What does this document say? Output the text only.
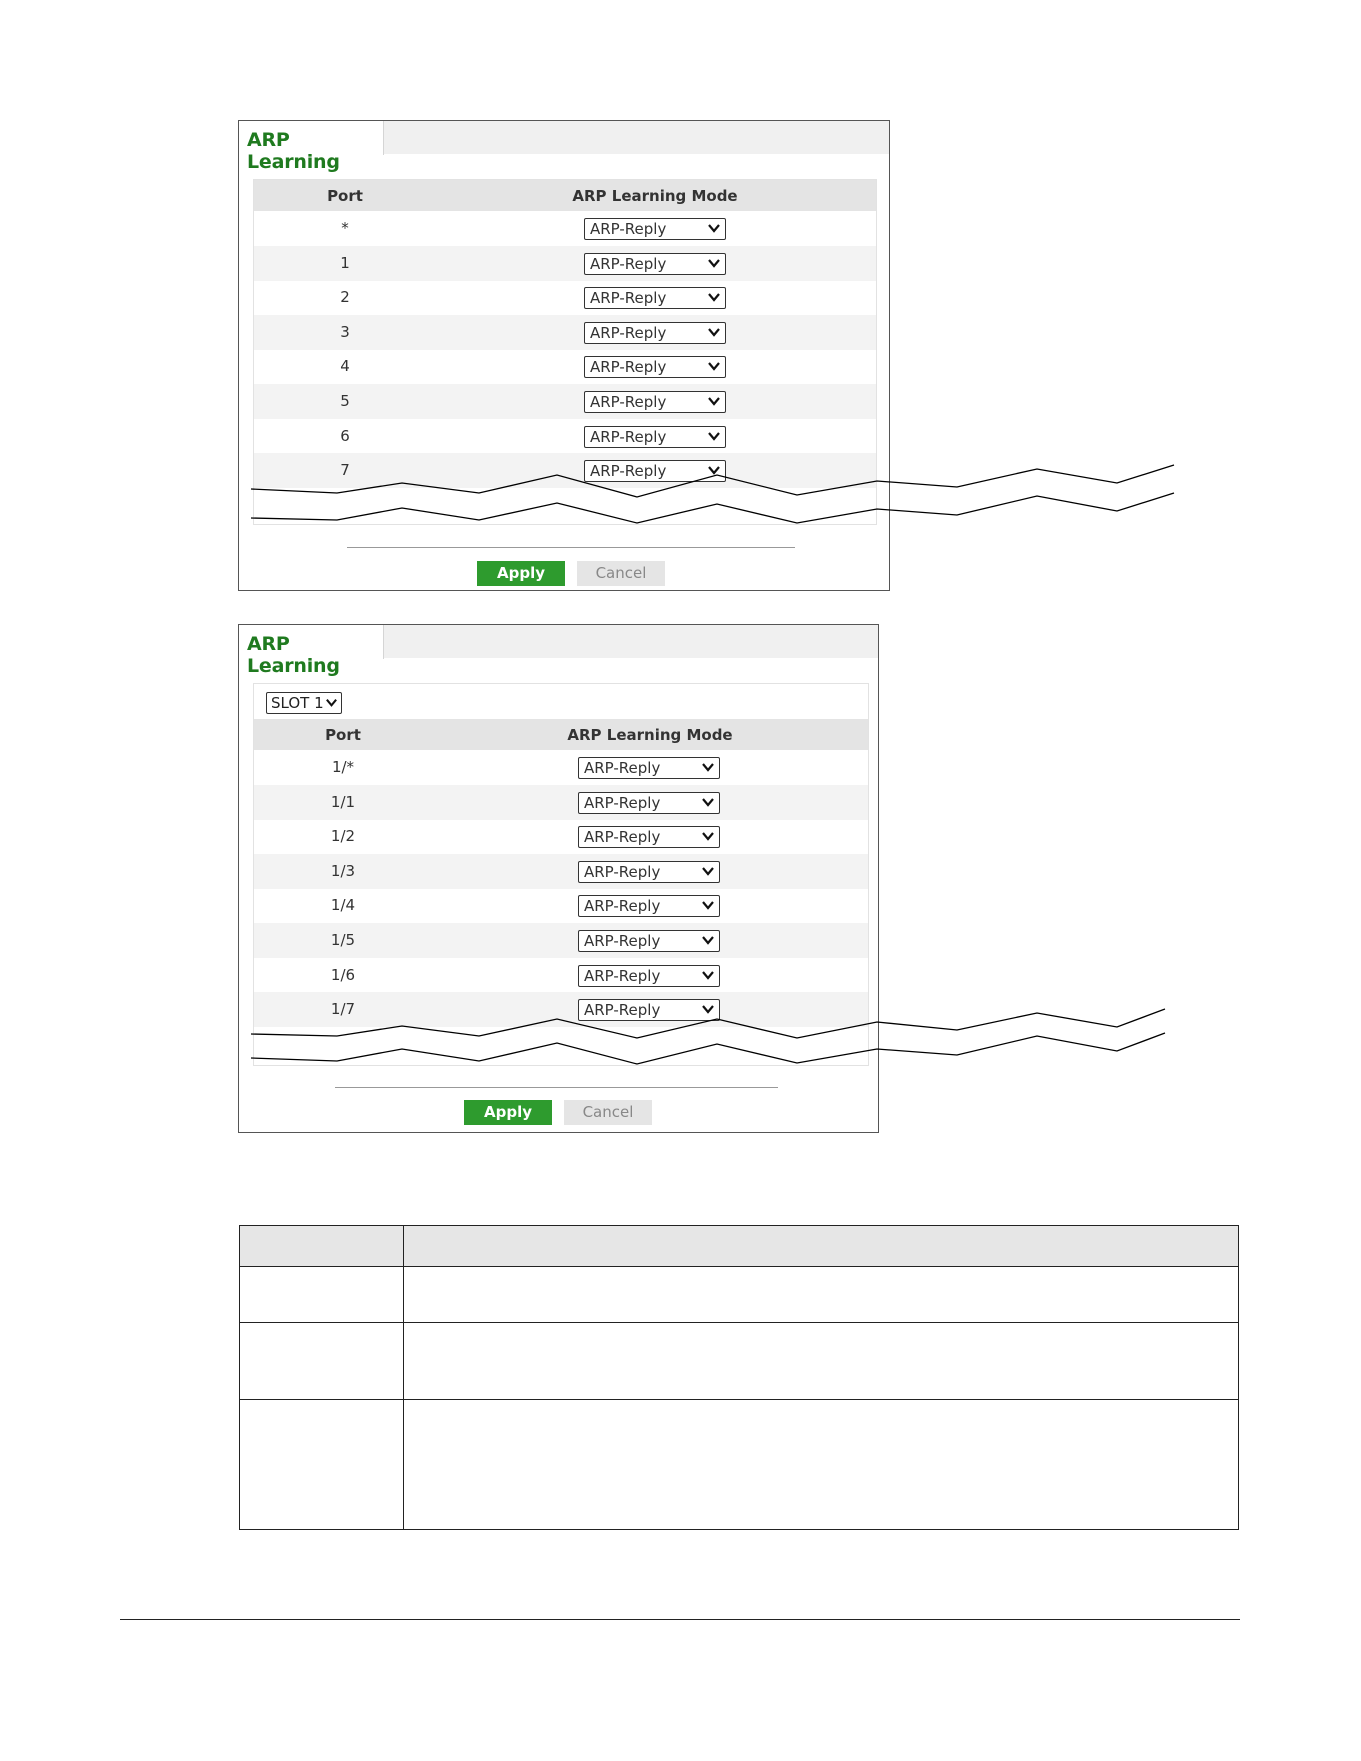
ARP Learning
Port	ARP Learning Mode
*	ARP-Reply
1	ARP-Reply
2	ARP-Reply
3	ARP-Reply
4	ARP-Reply
5	ARP-Reply
6	ARP-Reply
7	ARP-Reply
Apply	Cancel
ARP Learning
SLOT 1
Port	ARP Learning Mode
1/*	ARP-Reply
1/1	ARP-Reply
1/2	ARP-Reply
1/3	ARP-Reply
1/4	ARP-Reply
1/5	ARP-Reply
1/6	ARP-Reply
1/7	ARP-Reply
Apply	Cancel
